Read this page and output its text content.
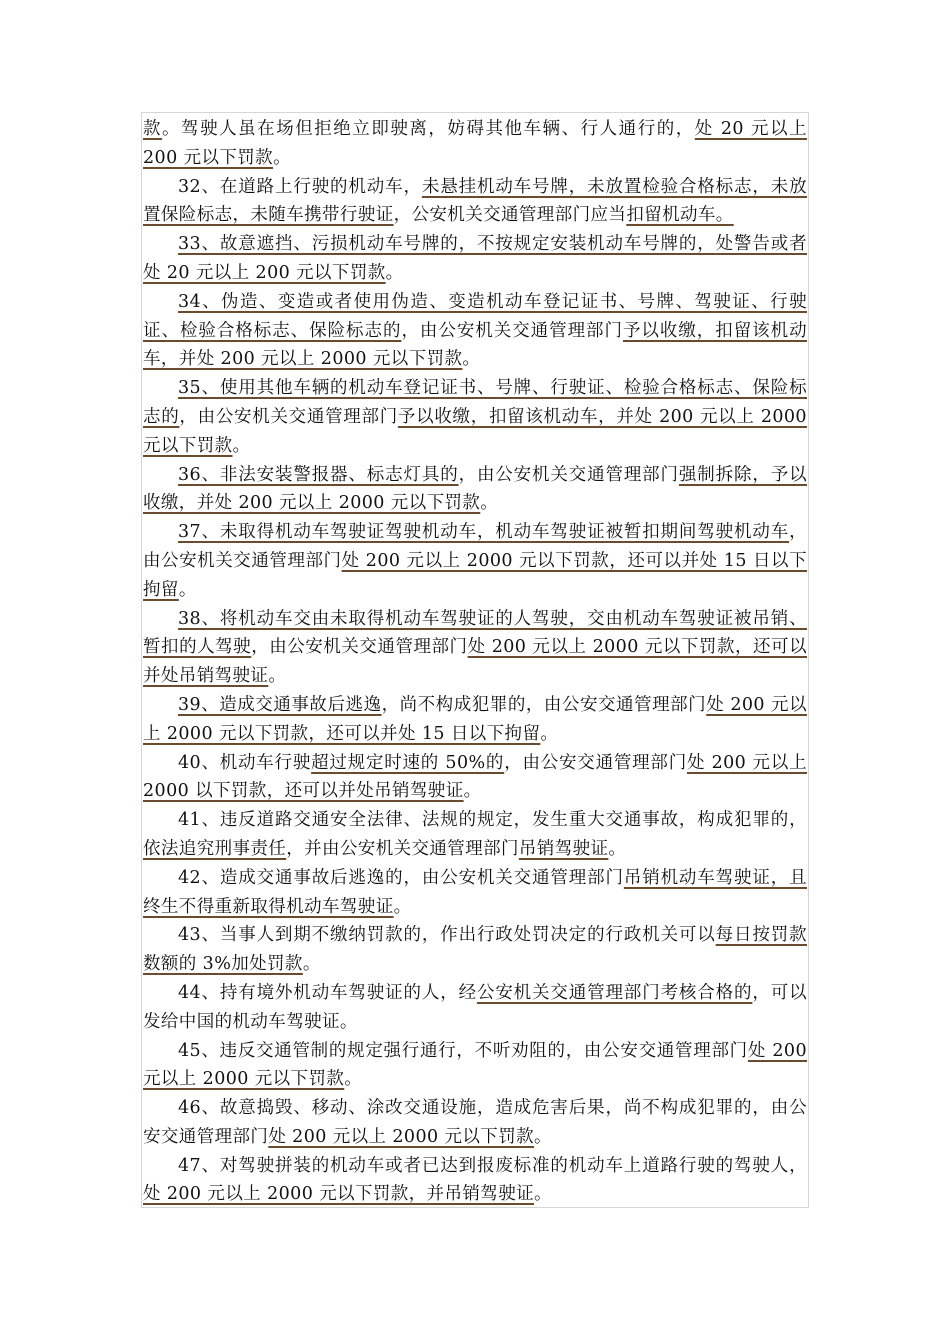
款。驾驶人虽在场但拒绝立即驶离，妨碍其他车辆、行人通行的，处 20 元以上 200 元以下罚款。

32、在道路上行驶的机动车，未悬挂机动车号牌，未放置检验合格标志，未放置保险标志，未随车携带行驶证，公安机关交通管理部门应当扣留机动车。

33、故意遮挡、污损机动车号牌的，不按规定安装机动车号牌的，处警告或者处 20 元以上 200 元以下罚款。

34、伪造、变造或者使用伪造、变造机动车登记证书、号牌、驾驶证、行驶证、检验合格标志、保险标志的，由公安机关交通管理部门予以收缴，扣留该机动车，并处 200 元以上 2000 元以下罚款。

35、使用其他车辆的机动车登记证书、号牌、行驶证、检验合格标志、保险标志的，由公安机关交通管理部门予以收缴，扣留该机动车，并处 200 元以上 2000 元以下罚款。

36、非法安装警报器、标志灯具的，由公安机关交通管理部门强制拆除，予以收缴，并处 200 元以上 2000 元以下罚款。

37、未取得机动车驾驶证驾驶机动车，机动车驾驶证被暂扣期间驾驶机动车，由公安机关交通管理部门处 200 元以上 2000 元以下罚款，还可以并处 15 日以下拘留。

38、将机动车交由未取得机动车驾驶证的人驾驶，交由机动车驾驶证被吊销、暂扣的人驾驶，由公安机关交通管理部门处 200 元以上 2000 元以下罚款，还可以并处吊销驾驶证。

39、造成交通事故后逃逸，尚不构成犯罪的，由公安交通管理部门处 200 元以上 2000 元以下罚款，还可以并处 15 日以下拘留。

40、机动车行驶超过规定时速的 50%的，由公安交通管理部门处 200 元以上 2000 以下罚款，还可以并处吊销驾驶证。

41、违反道路交通安全法律、法规的规定，发生重大交通事故，构成犯罪的，依法追究刑事责任，并由公安机关交通管理部门吊销驾驶证。

42、造成交通事故后逃逸的，由公安机关交通管理部门吊销机动车驾驶证，且终生不得重新取得机动车驾驶证。

43、当事人到期不缴纳罚款的，作出行政处罚决定的行政机关可以每日按罚款数额的 3%加处罚款。

44、持有境外机动车驾驶证的人，经公安机关交通管理部门考核合格的，可以发给中国的机动车驾驶证。

45、违反交通管制的规定强行通行，不听劝阻的，由公安交通管理部门处 200 元以上 2000 元以下罚款。

46、故意捣毁、移动、涂改交通设施，造成危害后果，尚不构成犯罪的，由公安交通管理部门处 200 元以上 2000 元以下罚款。

47、对驾驶拼装的机动车或者已达到报废标准的机动车上道路行驶的驾驶人，处 200 元以上 2000 元以下罚款，并吊销驾驶证。
